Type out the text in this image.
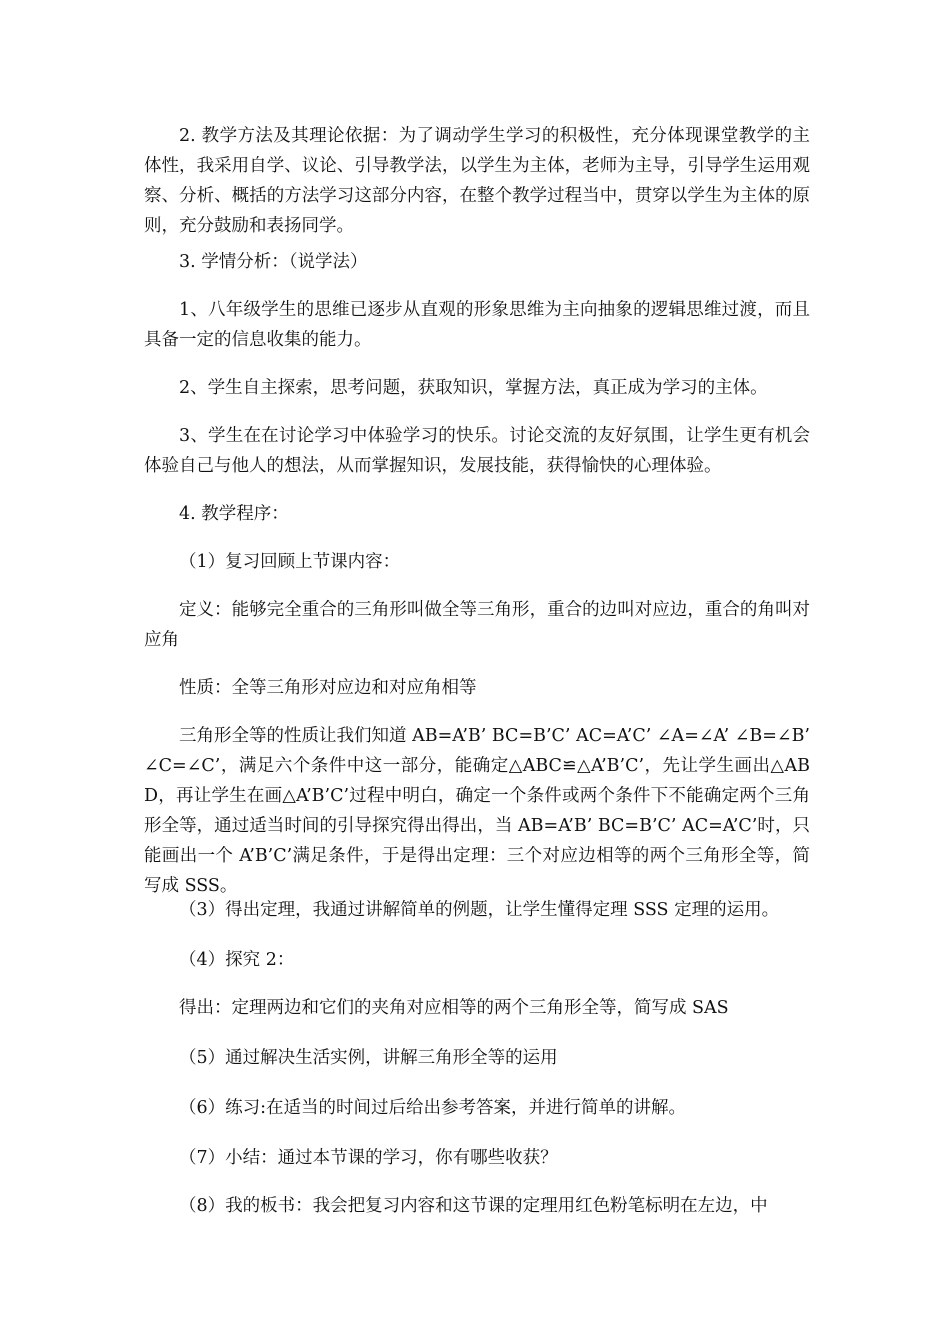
2. 教学方法及其理论依据：为了调动学生学习的积极性，充分体现课堂教学的主体性，我采用自学、议论、引导教学法，以学生为主体，老师为主导，引导学生运用观察、分析、概括的方法学习这部分内容，在整个教学过程当中，贯穿以学生为主体的原则，充分鼓励和表扬同学。

3. 学情分析：（说学法）

1、八年级学生的思维已逐步从直观的形象思维为主向抽象的逻辑思维过渡，而且具备一定的信息收集的能力。

2、学生自主探索，思考问题，获取知识，掌握方法，真正成为学习的主体。

3、学生在在讨论学习中体验学习的快乐。讨论交流的友好氛围，让学生更有机会体验自己与他人的想法，从而掌握知识，发展技能，获得愉快的心理体验。

4. 教学程序：

（1）复习回顾上节课内容：

定义：能够完全重合的三角形叫做全等三角形，重合的边叫对应边，重合的角叫对应角

性质：全等三角形对应边和对应角相等

三角形全等的性质让我们知道 AB=A’B’ BC=B’C’ AC=A’C’ ∠A=∠A’ ∠B=∠B’ ∠C=∠C’，满足六个条件中这一部分，能确定△ABC≌△A’B’C’，先让学生画出△ABD，再让学生在画△A’B’C’过程中明白，确定一个条件或两个条件下不能确定两个三角形全等，通过适当时间的引导探究得出得出，当 AB=A’B’ BC=B’C’ AC=A’C’时，只能画出一个 A’B’C’满足条件，于是得出定理：三个对应边相等的两个三角形全等，简写成 SSS。

（3）得出定理，我通过讲解简单的例题，让学生懂得定理 SSS 定理的运用。

（4）探究 2：

得出：定理两边和它们的夹角对应相等的两个三角形全等，简写成 SAS

（5）通过解决生活实例，讲解三角形全等的运用

（6）练习:在适当的时间过后给出参考答案，并进行简单的讲解。

（7）小结：通过本节课的学习，你有哪些收获？

（8）我的板书：我会把复习内容和这节课的定理用红色粉笔标明在左边，中
